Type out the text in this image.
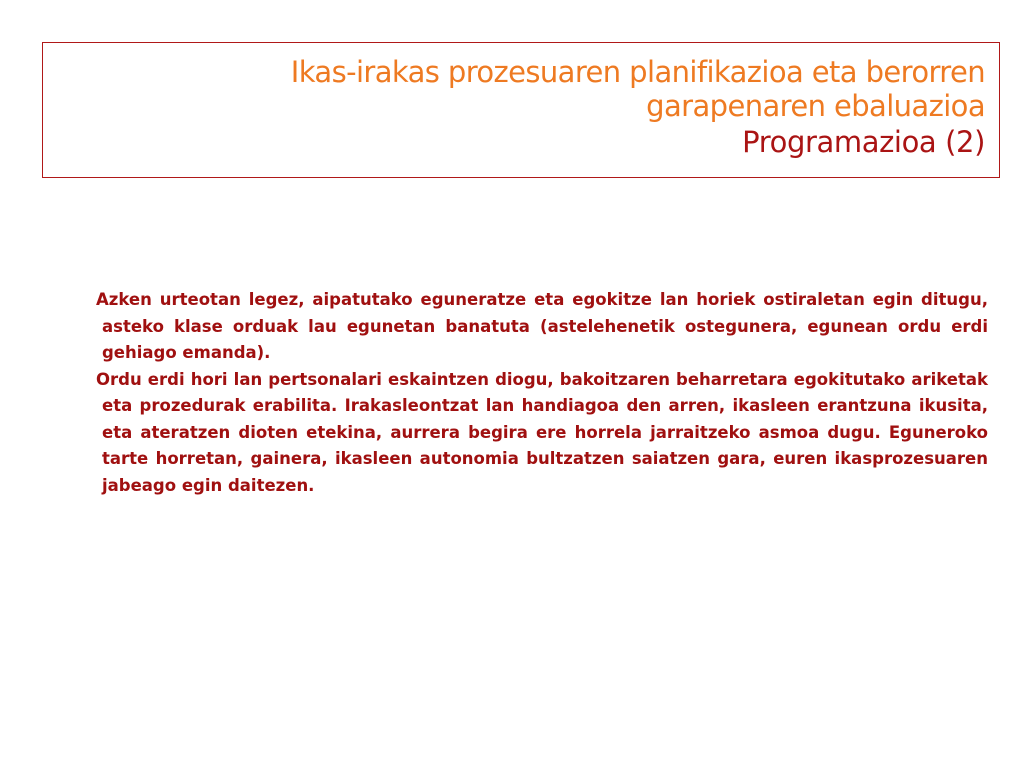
Ikas-irakas prozesuaren planifikazioa eta berorren
garapenaren ebaluazioa
Programazioa (2)

Azken urteotan legez, aipatutako eguneratze eta egokitze lan horiek ostiraletan egin ditugu, asteko klase orduak lau egunetan banatuta (astelehenetik ostegunera, egunean ordu erdi gehiago emanda).

Ordu erdi hori lan pertsonalari eskaintzen diogu, bakoitzaren beharretara egokitutako ariketak eta prozedurak erabilita. Irakasleontzat lan handiagoa den arren, ikasleen erantzuna ikusita, eta ateratzen dioten etekina, aurrera begira ere horrela jarraitzeko asmoa dugu. Eguneroko tarte horretan, gainera, ikasleen autonomia bultzatzen saiatzen gara, euren ikasprozesuaren jabeago egin daitezen.
